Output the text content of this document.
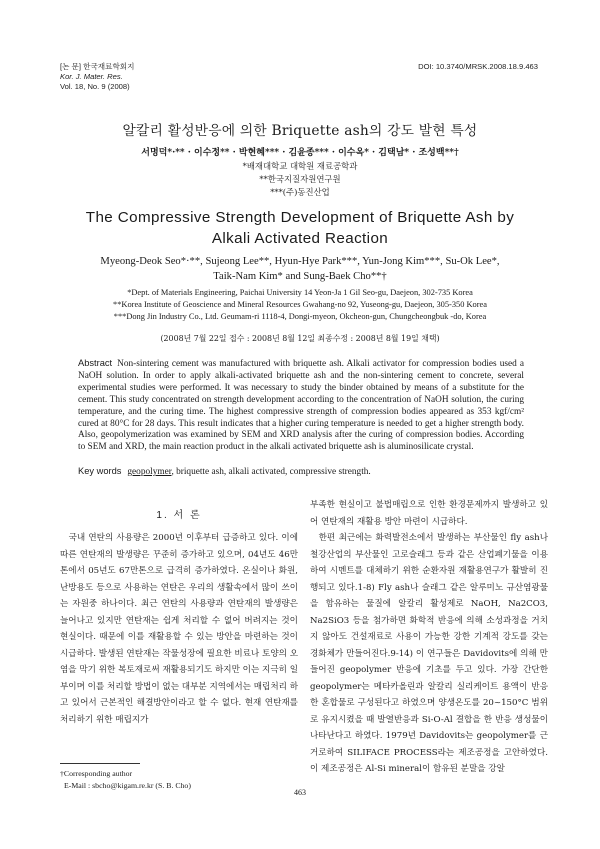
[논 문] 한국재료학회지
Kor. J. Mater. Res.
Vol. 18, No. 9 (2008)
DOI: 10.3740/MRSK.2008.18.9.463
알칼리 활성반응에 의한 Briquette ash의 강도 발현 특성
서명덕*·** · 이수정** · 박현혜*** · 김윤종*** · 이수옥* · 김택남* · 조성백**†
*배재대학교 대학원 재료공학과
**한국지질자원연구원
***(주)동진산업
The Compressive Strength Development of Briquette Ash by
Alkali Activated Reaction
Myeong-Deok Seo*·**, Sujeong Lee**, Hyun-Hye Park***, Yun-Jong Kim***, Su-Ok Lee*,
Taik-Nam Kim* and Sung-Baek Cho**†
*Dept. of Materials Engineering, Paichai University 14 Yeon-Ja 1 Gil Seo-gu, Daejeon, 302-735 Korea
**Korea Institute of Geoscience and Mineral Resources Gwahang-no 92, Yuseong-gu, Daejeon, 305-350 Korea
***Dong Jin Industry Co., Ltd. Geumam-ri 1118-4, Dongi-myeon, Okcheon-gun, Chungcheongbuk -do, Korea
(2008년 7월 22일 접수 : 2008년 8월 12일 최종수정 : 2008년 8월 19일 채택)
Abstract Non-sintering cement was manufactured with briquette ash. Alkali activator for compression bodies used a NaOH solution. In order to apply alkali-activated briquette ash and the non-sintering cement to concrete, several experimental studies were performed. It was necessary to study the binder obtained by means of a substitute for the cement. This study concentrated on strength development according to the concentration of NaOH solution, the curing temperature, and the curing time. The highest compressive strength of compression bodies appeared as 353 kgf/cm² cured at 80°C for 28 days. This result indicates that a higher curing temperature is needed to get a higher strength body. Also, geopolymerization was examined by SEM and XRD analysis after the curing of compression bodies. According to SEM and XRD, the main reaction product in the alkali activated briquette ash is aluminosilicate crystal.
Key words geopolymer, briquette ash, alkali activated, compressive strength.
1. 서 론

국내 연탄의 사용량은 2000년 이후부터 급증하고 있다. 이에 따른 연탄재의 발생량은 꾸준히 증가하고 있으며, 04년도 46만톤에서 05년도 67만톤으로 급격히 증가하였다. 온실이나 화원, 난방용도 등으로 사용하는 연탄은 우리의 생활속에서 많이 쓰이는 자원중 하나이다. 최근 연탄의 사용량과 연탄재의 발생량은 늘어나고 있지만 연탄재는 쉽게 처리할 수 없어 버려지는 것이 현실이다. 때문에 이를 재활용할 수 있는 방안을 마련하는 것이 시급하다. 발생된 연탄재는 작물성장에 필요한 비료나 토양의 오염을 막기 위한 복토재로써 재활용되기도 하지만 이는 지극히 일부이며 이를 처리할 방법이 없는 대부분 지역에서는 매립처리 하고 있어서 근본적인 해결방안이라고 할 수 없다. 현재 연탄재를 처리하기 위한 매립지가

부족한 현실이고 불법매립으로 인한 환경문제까지 발생하고 있어 연탄재의 재활용 방안 마련이 시급하다.

한편 최근에는 화력발전소에서 발생하는 부산물인 fly ash나 철강산업의 부산물인 고로슬래그 등과 같은 산업폐기물을 이용하여 시멘트를 대체하기 위한 순환자원 재활용연구가 활발히 진행되고 있다.1-8) Fly ash나 슬래그 같은 알루미노 규산염광물을 함유하는 물질에 알칼리 활성제로 NaOH, Na2CO3, Na2SiO3 등을 첨가하면 화학적 반응에 의해 소성과정을 거치지 않아도 건설재료로 사용이 가능한 강한 기계적 강도를 갖는 경화체가 만들어진다.9-14) 이 연구들은 Davidovits에 의해 만들어진 geopolymer 반응에 기초를 두고 있다. 가장 간단한 geopolymer는 메타카올린과 알칼리 실리케이트 용액이 반응한 혼합물로 구성된다고 하였으며 양생온도를 20~150°C 범위로 유지시켰을 때 발열반응과 Si-O-Al 결합을 한 반응 생성물이 나타난다고 하였다. 1979년 Davidovits는 geopolymer를 근거로하여 SILIFACE PROCESS라는 제조공정을 고안하였다. 이 제조공정은 Al-Si mineral이 함유된 분말을 강알

†Corresponding author
E-Mail : sbcho@kigam.re.kr (S. B. Cho)
463
